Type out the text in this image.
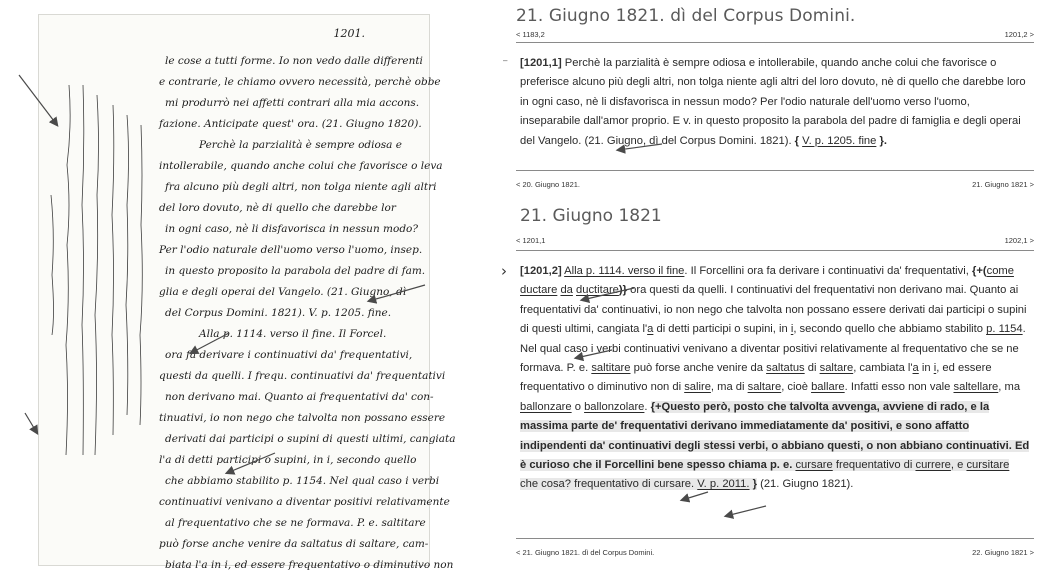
1201.
le cose a tutti forme. Io non vedo dalle differenti
e contrarie, le chiamo ovvero necessità, perchè obbe
mi produrrò nei affetti contrari alla mia accons.
fazione. Anticipate quest' ora. (21. Giugno 1820).
Perchè la parzialità è sempre odiosa e
intollerabile, quando anche colui che favorisce o leva
fra alcuno più degli altri, non tolga niente agli altri
del loro dovuto, nè di quello che darebbe lor
in ogni caso, nè li disfavorisca in nessun modo?
Per l'odio naturale dell'uomo verso l'uomo, insep.
in questo proposito la parabola del padre di fam.
glia e degli operai del Vangelo. (21. Giugno, dì
del Corpus Domini. 1821). V. p. 1205. fine.
Alla p. 1114. verso il fine. Il Forcel.
ora fa derivare i continuativi da' frequentativi,
questi da quelli. I frequ. continuativi da' frequentativi
non derivano mai. Quanto ai frequentativi da' con-
tinuativi, io non nego che talvolta non possano essere
derivati dai participi o supini di questi ultimi, cangiata
l'a di detti participi o supini, in i, secondo quello
che abbiamo stabilito p. 1154. Nel qual caso i verbi
continuativi venivano a diventar positivi relativamente
al frequentativo che se ne formava. P. e. saltitare
può forse anche venire da saltatus di saltare, cam-
biata l'a in i, ed essere frequentativo o diminutivo non
21. Giugno 1821. dì del Corpus Domini.
< 1183,2	1201,2 >
– [1201,1] Perchè la parzialità è sempre odiosa e intollerabile, quando anche colui che favorisce o preferisce alcuno più degli altri, non tolga niente agli altri del loro dovuto, nè di quello che darebbe loro in ogni caso, nè li disfavorisca in nessun modo? Per l'odio naturale dell'uomo verso l'uomo, inseparabile dall'amor proprio. E v. in questo proposito la parabola del padre di famiglia e degli operai del Vangelo. (21. Giugno, dì del Corpus Domini. 1821). { V. p. 1205. fine }.
< 20. Giugno 1821.	21. Giugno 1821 >
21. Giugno 1821
< 1201,1	1202,1 >
› [1201,2] Alla p. 1114. verso il fine. Il Forcellini ora fa derivare i continuativi da' frequentativi, {+(come ductare da ductitare)} ora questi da quelli. I continuativi del frequentativi non derivano mai. Quanto ai frequentativi da' continuativi, io non nego che talvolta non possano essere derivati dai participi o supini di questi ultimi, cangiata l'a di detti participi o supini, in i, secondo quello che abbiamo stabilito p. 1154. Nel qual caso i verbi continuativi venivano a diventar positivi relativamente al frequentativo che se ne formava. P. e. saltitare può forse anche venire da saltatus di saltare, cambiata l'a in i, ed essere frequentativo o diminutivo non di salire, ma di saltare, cioè ballare. Infatti esso non vale saltellare, ma ballonzare o ballonzolare. {+Questo però, posto che talvolta avvenga, avviene di rado, e la massima parte de' frequentativi derivano immediatamente da' positivi, e sono affatto indipendenti da' continuativi degli stessi verbi, o abbiano questi, o non abbiano continuativi. Ed è curioso che il Forcellini bene spesso chiama p. e. cursare frequentativo di currere, e cursitare che cosa? frequentativo di cursare. V. p. 2011. } (21. Giugno 1821).
< 21. Giugno 1821. dì del Corpus Domini.	22. Giugno 1821 >
